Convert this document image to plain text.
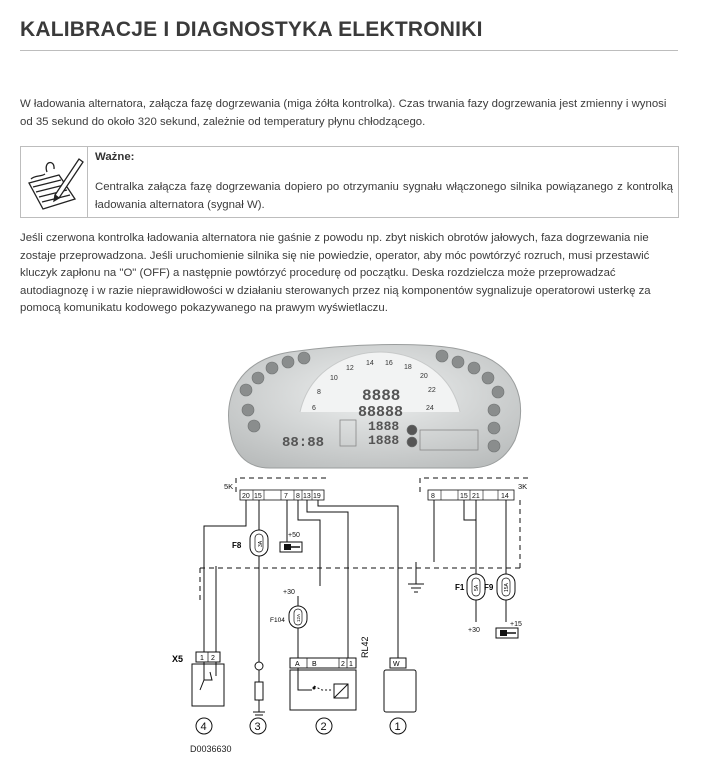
KALIBRACJE I DIAGNOSTYKA ELEKTRONIKI
W ładowania alternatora, załącza fazę dogrzewania (miga żółta kontrolka). Czas trwania fazy dogrzewania jest zmienny i wynosi od 35 sekund do około 320 sekund, zależnie od temperatury płynu chłodzącego.
Ważne:
Centralka załącza fazę dogrzewania dopiero po otrzymaniu sygnału włączonego silnika powiązanego z kontrolką ładowania alternatora (sygnał W).
Jeśli czerwona kontrolka ładowania alternatora nie gaśnie z powodu np. zbyt niskich obrotów jałowych, faza dogrzewania nie zostaje przeprowadzona. Jeśli uruchomienie silnika się nie powiedzie, operator, aby móc powtórzyć rozruch, musi przestawić kluczyk zapłonu na "O" (OFF) a następnie powtórzyć procedurę od początku. Deska rozdzielcza może przeprowadzać autodiagnozę i w razie nieprawidłowości w działaniu sterowanych przez nią komponentów sygnalizuje operatorowi usterkę za pomocą komunikatu kodowego pokazywanego na prawym wyświetlaczu.
6
8
10
12
14 16
18
20
22
24
8888
88888
1888
1888
88:88
5K	3K
20 15	7 8 13 19	8	15 21	14
3A
F8
12A
F104
5A
F1	15A
F9
+50
+30
+30
+15
X5 1 2
RL42
A B	2 1	W
4	3	2	1
D0036630
